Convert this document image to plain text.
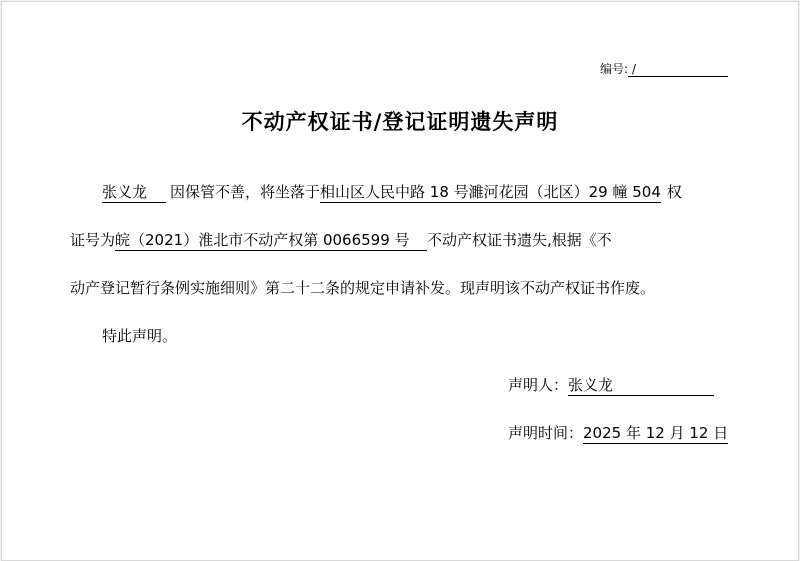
编号: /
不动产权证书/登记证明遗失声明
张义龙	因保管不善，将坐落于 相山区人民中路 18 号濉河花园（北区）29 幢 504 权
证号为 皖（2021）淮北市不动产权第 0066599 号	不动产权证书遗失,根据《不
动产登记暂行条例实施细则》第二十二条的规定申请补发。现声明该不动产权证书作废。
特此声明。
声明人： 张义龙
声明时间： 2025 年 12 月 12 日
